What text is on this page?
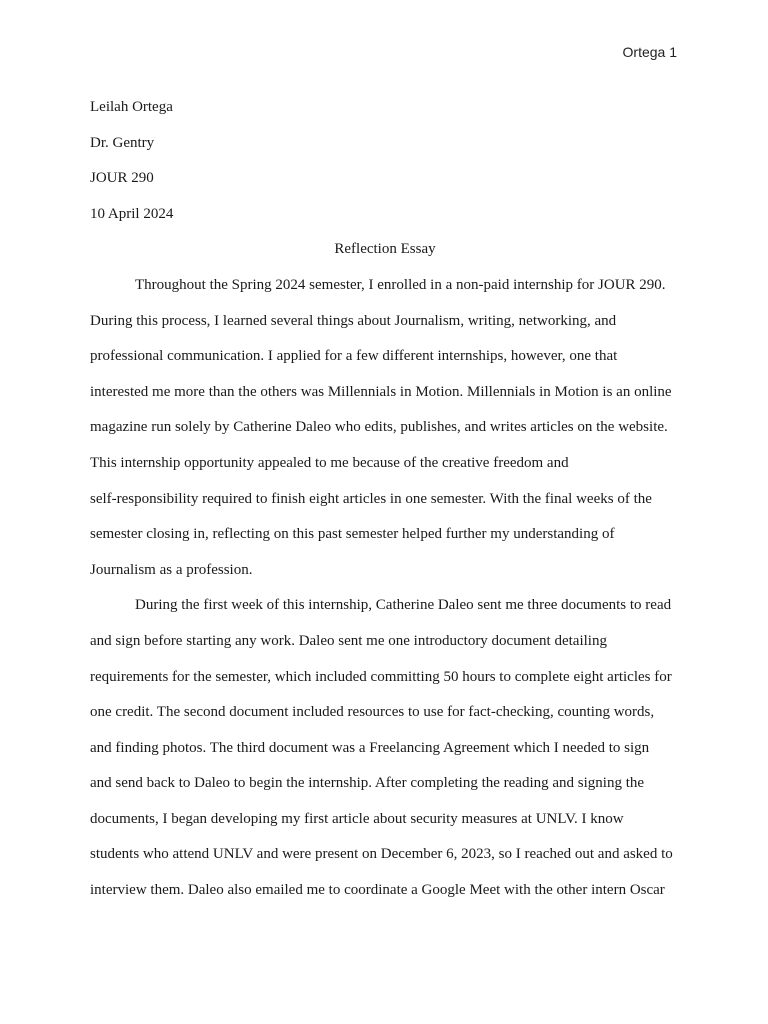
Ortega 1
Leilah Ortega
Dr. Gentry
JOUR 290
10 April 2024
Reflection Essay
Throughout the Spring 2024 semester, I enrolled in a non-paid internship for JOUR 290.
During this process, I learned several things about Journalism, writing, networking, and
professional communication. I applied for a few different internships, however, one that
interested me more than the others was Millennials in Motion. Millennials in Motion is an online
magazine run solely by Catherine Daleo who edits, publishes, and writes articles on the website.
This internship opportunity appealed to me because of the creative freedom and
self-responsibility required to finish eight articles in one semester. With the final weeks of the
semester closing in, reflecting on this past semester helped further my understanding of
Journalism as a profession.
During the first week of this internship, Catherine Daleo sent me three documents to read
and sign before starting any work. Daleo sent me one introductory document detailing
requirements for the semester, which included committing 50 hours to complete eight articles for
one credit. The second document included resources to use for fact-checking, counting words,
and finding photos. The third document was a Freelancing Agreement which I needed to sign
and send back to Daleo to begin the internship. After completing the reading and signing the
documents, I began developing my first article about security measures at UNLV. I know
students who attend UNLV and were present on December 6, 2023, so I reached out and asked to
interview them. Daleo also emailed me to coordinate a Google Meet with the other intern Oscar
